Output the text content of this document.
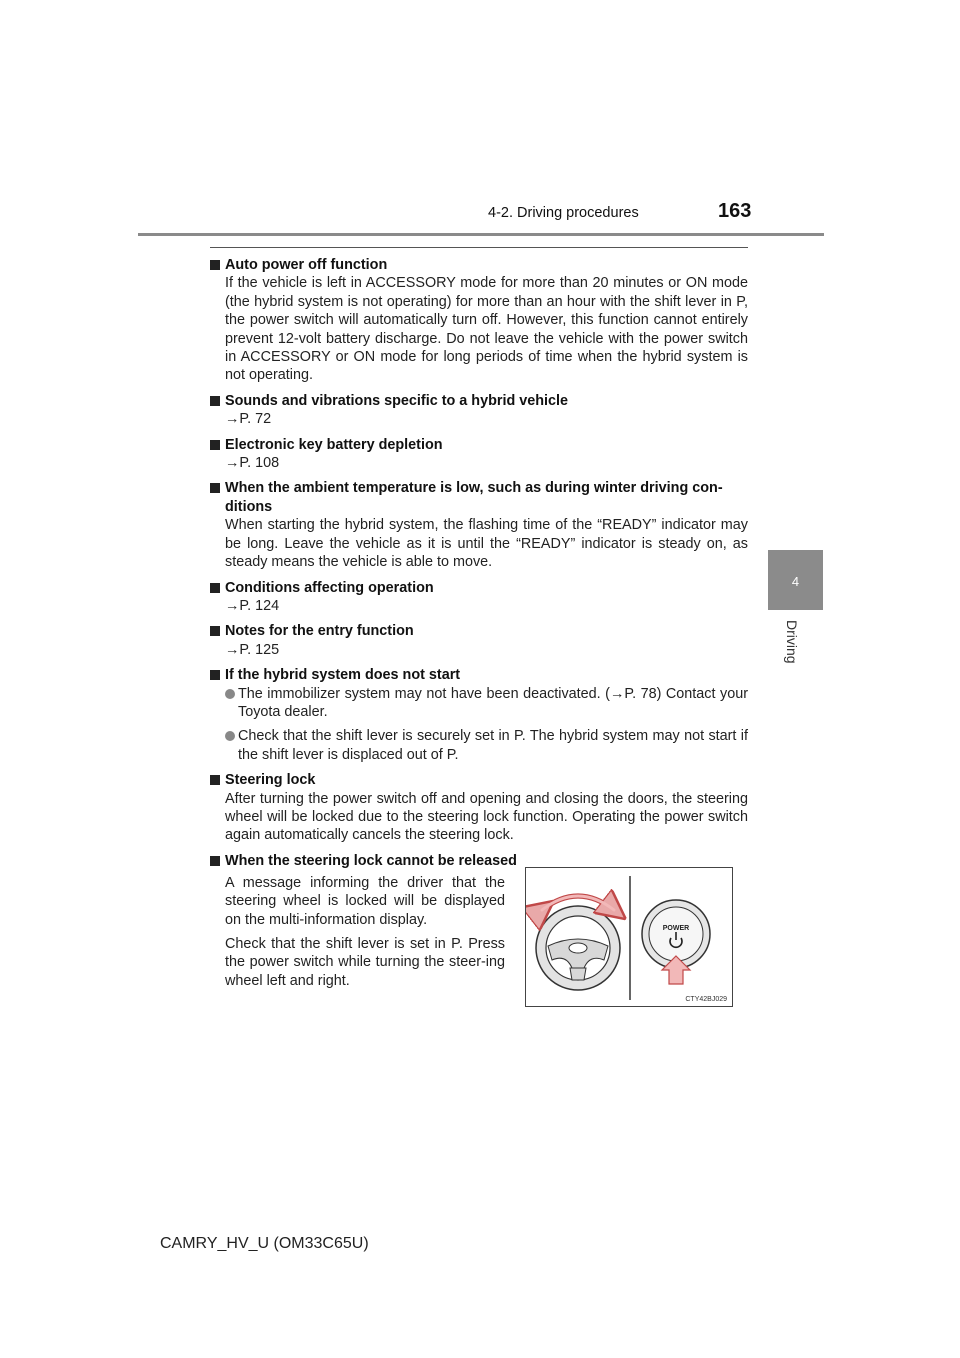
4-2. Driving procedures	163
4
Driving
Auto power off function
If the vehicle is left in ACCESSORY mode for more than 20 minutes or ON mode (the hybrid system is not operating) for more than an hour with the shift lever in P, the power switch will automatically turn off. However, this function cannot entirely prevent 12-volt battery discharge. Do not leave the vehicle with the power switch in ACCESSORY or ON mode for long periods of time when the hybrid system is not operating.
Sounds and vibrations specific to a hybrid vehicle
→P. 72
Electronic key battery depletion
→P. 108
When the ambient temperature is low, such as during winter driving con-ditions
When starting the hybrid system, the flashing time of the “READY” indicator may be long. Leave the vehicle as it is until the “READY” indicator is steady on, as steady means the vehicle is able to move.
Conditions affecting operation
→P. 124
Notes for the entry function
→P. 125
If the hybrid system does not start
The immobilizer system may not have been deactivated. (→P. 78) Contact your Toyota dealer.
Check that the shift lever is securely set in P. The hybrid system may not start if the shift lever is displaced out of P.
Steering lock
After turning the power switch off and opening and closing the doors, the steering wheel will be locked due to the steering lock function. Operating the power switch again automatically cancels the steering lock.
When the steering lock cannot be released

A message informing the driver that the steering wheel is locked will be displayed on the multi-information display.

Check that the shift lever is set in P. Press the power switch while turning the steer-ing wheel left and right.

POWER
CTY42BJ029
CAMRY_HV_U (OM33C65U)
